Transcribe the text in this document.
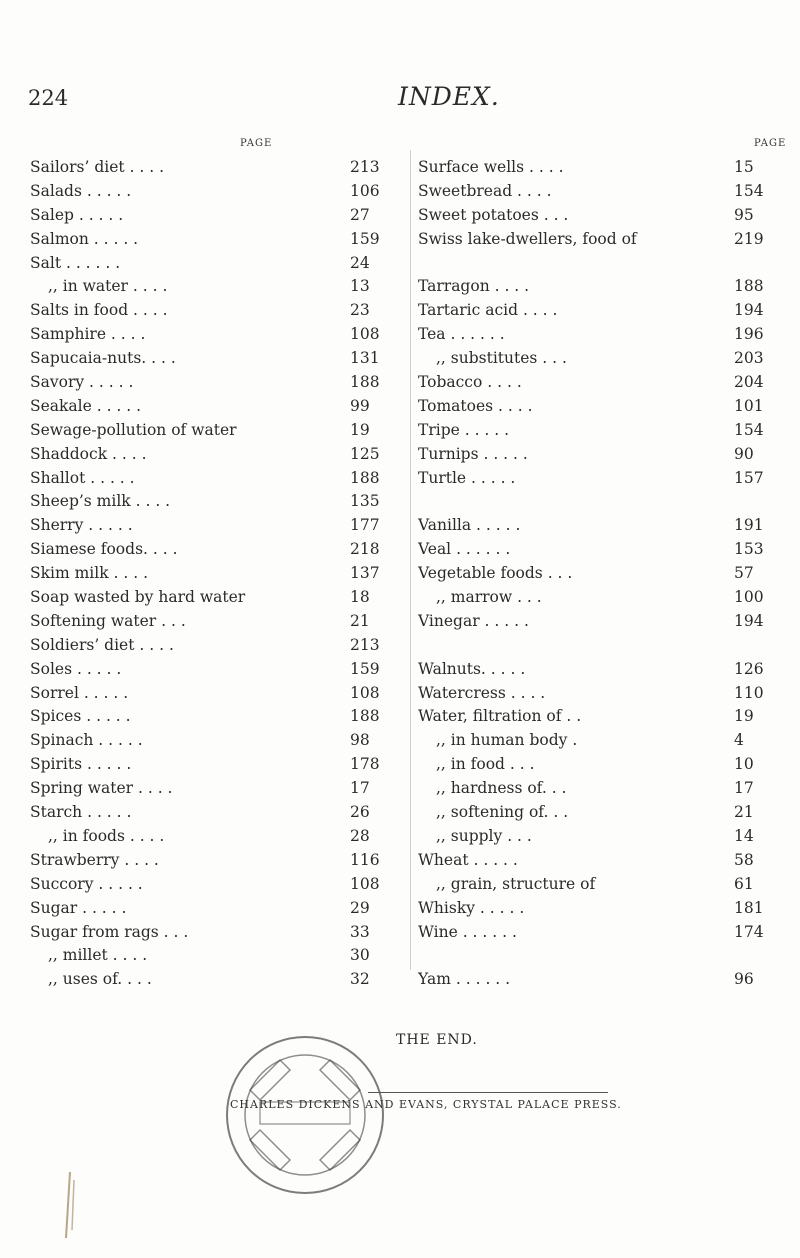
224	INDEX.
PAGE
Sailors’ diet . . . .	213
Salads . . . . .	106
Salep . . . . .	27
Salmon . . . . .	159
Salt . . . . . .	24
,, in water . . . .	13
Salts in food . . . .	23
Samphire . . . .	108
Sapucaia-nuts. . . .	131
Savory . . . . .	188
Seakale . . . . .	99
Sewage-pollution of water	19
Shaddock . . . .	125
Shallot . . . . .	188
Sheep’s milk . . . .	135
Sherry . . . . .	177
Siamese foods. . . .	218
Skim milk . . . .	137
Soap wasted by hard water	18
Softening water . . .	21
Soldiers’ diet . . . .	213
Soles . . . . .	159
Sorrel . . . . .	108
Spices . . . . .	188
Spinach . . . . .	98
Spirits . . . . .	178
Spring water . . . .	17
Starch . . . . .	26
,, in foods . . . .	28
Strawberry . . . .	116
Succory . . . . .	108
Sugar . . . . .	29
Sugar from rags . . .	33
,, millet . . . .	30
,, uses of. . . .	32
PAGE
Surface wells . . . .	15
Sweetbread . . . .	154
Sweet potatoes . . .	95
Swiss lake-dwellers, food of	219
Tarragon . . . .	188
Tartaric acid . . . .	194
Tea . . . . . .	196
,, substitutes . . .	203
Tobacco . . . .	204
Tomatoes . . . .	101
Tripe . . . . .	154
Turnips . . . . .	90
Turtle . . . . .	157
Vanilla . . . . .	191
Veal . . . . . .	153
Vegetable foods . . .	57
,, marrow . . .	100
Vinegar . . . . .	194
Walnuts. . . . .	126
Watercress . . . .	110
Water, filtration of . .	19
,, in human body .	4
,, in food . . .	10
,, hardness of. . .	17
,, softening of. . .	21
,, supply . . .	14
Wheat . . . . .	58
,, grain, structure of	61
Whisky . . . . .	181
Wine . . . . . .	174
Yam . . . . . .	96
THE END.
CHARLES DICKENS AND EVANS, CRYSTAL PALACE PRESS.
